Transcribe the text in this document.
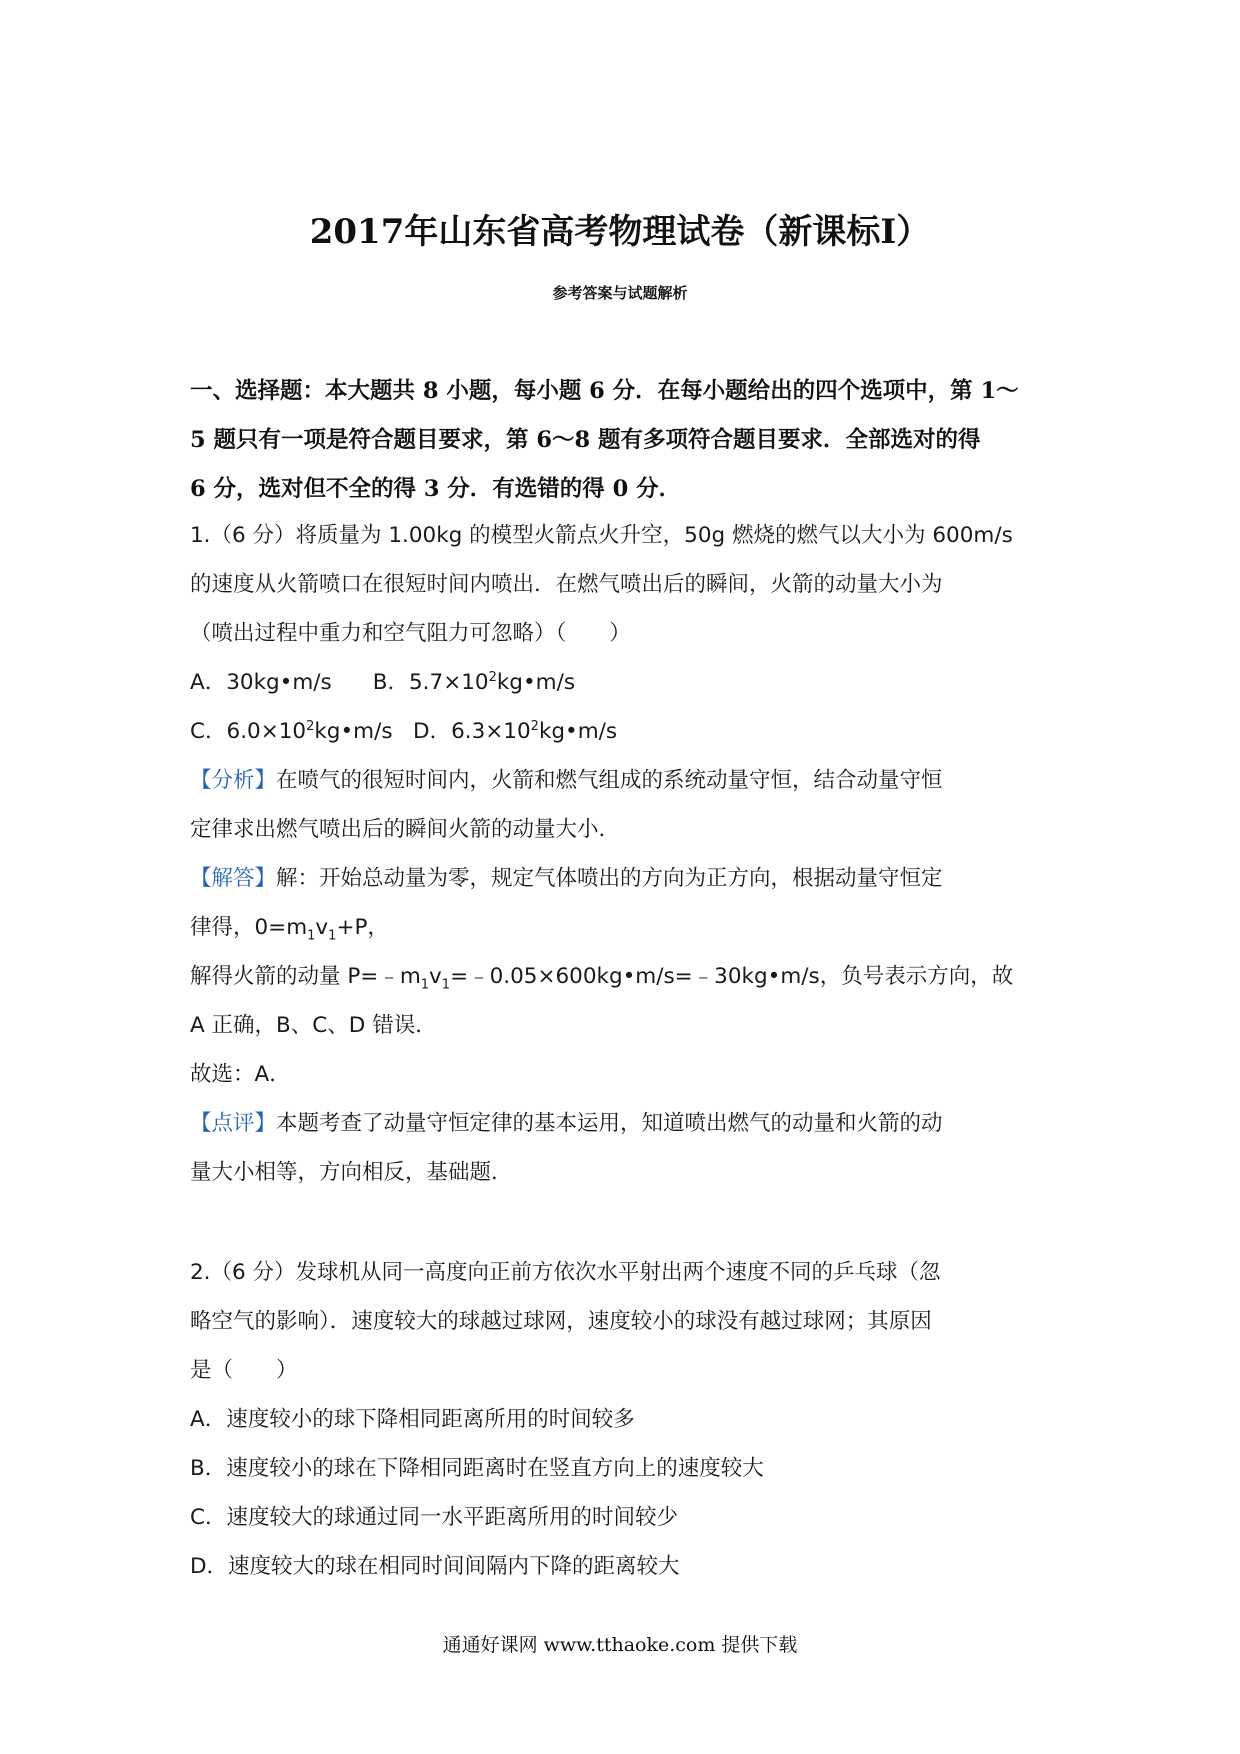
2017年山东省高考物理试卷（新课标Ⅰ）
参考答案与试题解析

一、选择题：本大题共 8 小题，每小题 6 分．在每小题给出的四个选项中，第 1～

5 题只有一项是符合题目要求，第 6～8 题有多项符合题目要求．全部选对的得

6 分，选对但不全的得 3 分．有选错的得 0 分．

1.（6 分）将质量为 1.00kg 的模型火箭点火升空，50g 燃烧的燃气以大小为 600m/s

的速度从火箭喷口在很短时间内喷出．在燃气喷出后的瞬间，火箭的动量大小为

（喷出过程中重力和空气阻力可忽略）（　　）

A．30kg•m/s B．$5.7\times 10^2kg•m/s$

C．$6.0\times 10^2kg•m/s$ D．$6.3\times 10^2kg•m/s$

【分析】在喷气的很短时间内，火箭和燃气组成的系统动量守恒，结合动量守恒

定律求出燃气喷出后的瞬间火箭的动量大小．

【解答】解：开始总动量为零，规定气体喷出的方向为正方向，根据动量守恒定

律得，$0=m_1v_1+P$，

解得火箭的动量 $P=﹣m_1v_1=﹣0.05\times 600kg•m/s=﹣30kg•m/s$，负号表示方向，故

A 正确，B、C、D 错误．

故选：A．

【点评】本题考查了动量守恒定律的基本运用，知道喷出燃气的动量和火箭的动

量大小相等，方向相反，基础题．

2.（6 分）发球机从同一高度向正前方依次水平射出两个速度不同的乒乓球（忽

略空气的影响）．速度较大的球越过球网，速度较小的球没有越过球网；其原因

是（　　）

A．速度较小的球下降相同距离所用的时间较多

B．速度较小的球在下降相同距离时在竖直方向上的速度较大

C．速度较大的球通过同一水平距离所用的时间较少

D．速度较大的球在相同时间间隔内下降的距离较大

通通好课网 www.tthaoke.com 提供下载
